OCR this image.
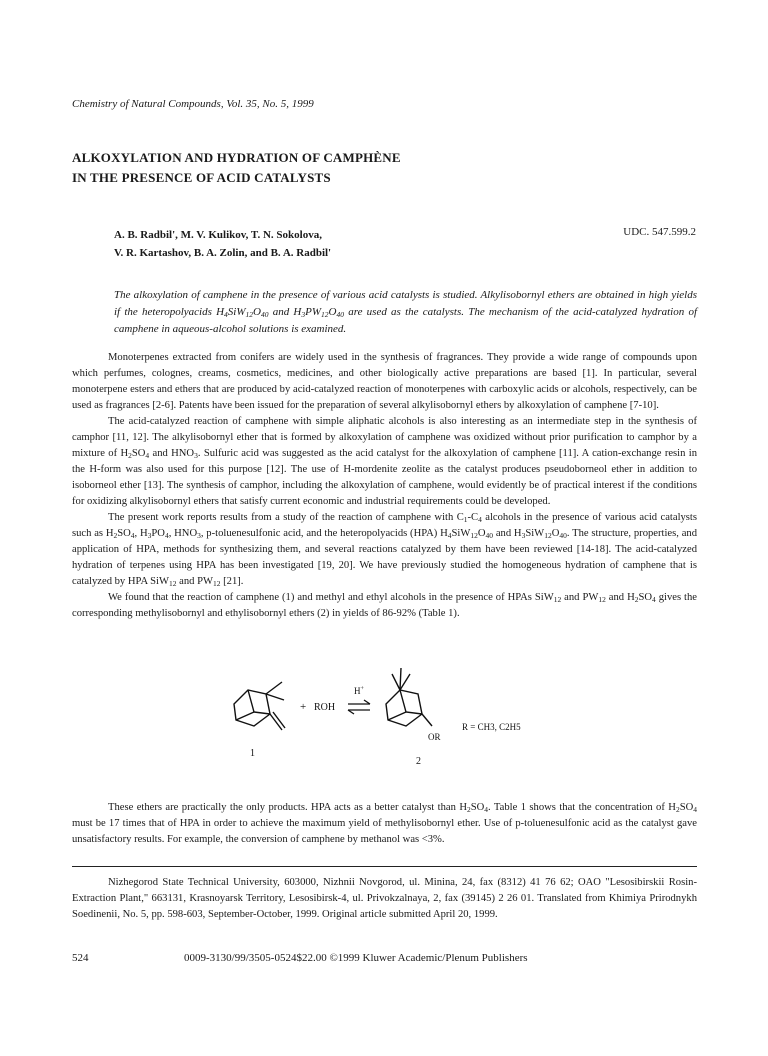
Chemistry of Natural Compounds, Vol. 35, No. 5, 1999
ALKOXYLATION AND HYDRATION OF CAMPHÈNE
IN THE PRESENCE OF ACID CATALYSTS
A. B. Radbil', M. V. Kulikov, T. N. Sokolova,
V. R. Kartashov, B. A. Zolin, and B. A. Radbil'
UDC. 547.599.2
The alkoxylation of camphene in the presence of various acid catalysts is studied. Alkylisobornyl ethers are obtained in high yields if the heteropolyacids $H_4SiW_{12}O_{40}$ and $H_3PW_{12}O_{40}$ are used as the catalysts. The mechanism of the acid-catalyzed hydration of camphene in aqueous-alcohol solutions is examined.

Monoterpenes extracted from conifers are widely used in the synthesis of fragrances. They provide a wide range of compounds upon which perfumes, colognes, creams, cosmetics, medicines, and other biologically active preparations are based [1]. In particular, several monoterpene esters and ethers that are produced by acid-catalyzed reaction of monoterpenes with carboxylic acids or alcohols, respectively, can be used as fragrances [2-6]. Patents have been issued for the preparation of several alkylisobornyl ethers by alkoxylation of camphene [7-10].

The acid-catalyzed reaction of camphene with simple aliphatic alcohols is also interesting as an intermediate step in the synthesis of camphor [11, 12]. The alkylisobornyl ether that is formed by alkoxylation of camphene was oxidized without prior purification to camphor by a mixture of $H_2SO_4$ and $HNO_3$. Sulfuric acid was suggested as the acid catalyst for the alkoxylation of camphene [11]. A cation-exchange resin in the H-form was also used for this purpose [12]. The use of H-mordenite zeolite as the catalyst produces pseudoborneol ether in addition to isoborneol ether [13]. The synthesis of camphor, including the alkoxylation of camphene, would evidently be of practical interest if the conditions for oxidizing alkylisobornyl ethers that satisfy current economic and industrial requirements could be developed.

The present work reports results from a study of the reaction of camphene with $C_1-C_4$ alcohols in the presence of various acid catalysts such as $H_2SO_4$, $H_3PO_4$, $HNO_3$, p-toluenesulfonic acid, and the heteropolyacids (HPA) $H_4SiW_{12}O_{40}$ and $H_3SiW_{12}O_{40}$. The structure, properties, and application of HPA, methods for synthesizing them, and several reactions catalyzed by them have been reviewed [14-18]. The acid-catalyzed hydration of terpenes using HPA has been investigated [19, 20]. We have previously studied the homogeneous hydration of camphene that is catalyzed by HPA SiW$_{12}$ and $PW_{12}$ [21].

We found that the reaction of camphene (1) and methyl and ethyl alcohols in the presence of HPAs SiW$_{12}$ and $PW_{12}$ and $H_2SO_4$ gives the corresponding methylisobornyl and ethylisobornyl ethers (2) in yields of 86-92% (Table 1).

1
+ ROH
H+
OR
2
R = CH3, C2H5

These ethers are practically the only products. HPA acts as a better catalyst than $H_2SO_4$. Table 1 shows that the concentration of $H_2SO_4$ must be 17 times that of HPA in order to achieve the maximum yield of methylisobornyl ether. Use of p-toluenesulfonic acid as the catalyst gave unsatisfactory results. For example, the conversion of camphene by methanol was <3%.

Nizhegorod State Technical University, 603000, Nizhnii Novgorod, ul. Minina, 24, fax (8312) 41 76 62; OAO "Lesosibirskii Rosin-Extraction Plant," 663131, Krasnoyarsk Territory, Lesosibirsk-4, ul. Privokzalnaya, 2, fax (39145) 2 26 01. Translated from Khimiya Prirodnykh Soedinenii, No. 5, pp. 598-603, September-October, 1999. Original article submitted April 20, 1999.

524	0009-3130/99/3505-0524$22.00 ©1999 Kluwer Academic/Plenum Publishers
